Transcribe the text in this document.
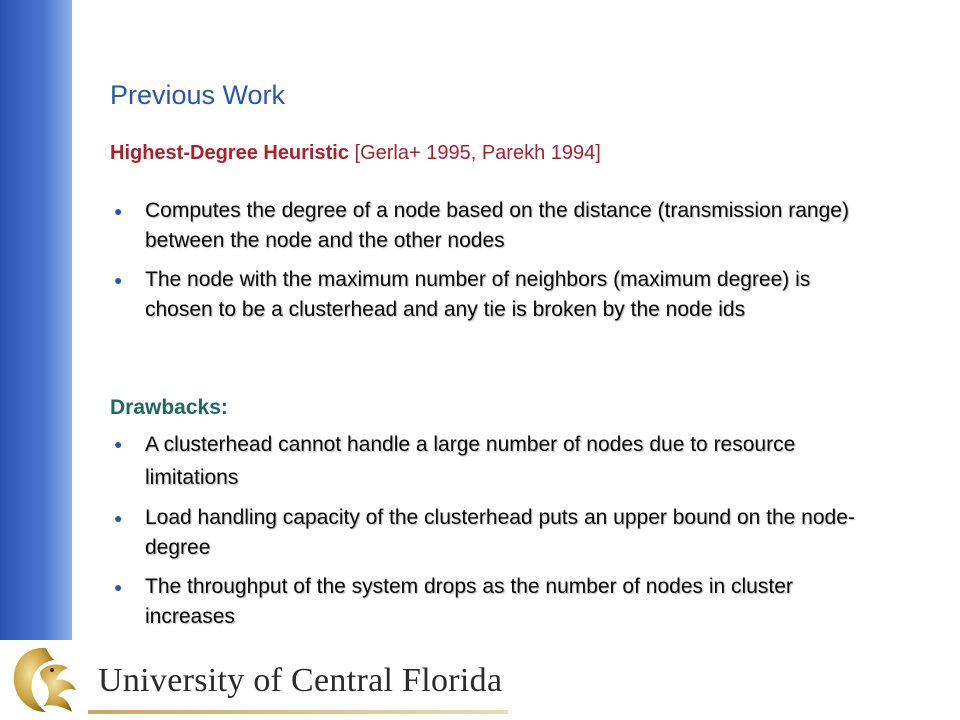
Previous Work
Highest-Degree Heuristic [Gerla+ 1995, Parekh 1994]
● Computes the degree of a node based on the distance (transmission range) between the node and the other nodes
● The node with the maximum number of neighbors (maximum degree) is chosen to be a clusterhead and any tie is broken by the node ids
Drawbacks:
● A clusterhead cannot handle a large number of nodes due to resource limitations
● Load handling capacity of the clusterhead puts an upper bound on the node-degree
● The throughput of the system drops as the number of nodes in cluster increases
University of Central Florida
